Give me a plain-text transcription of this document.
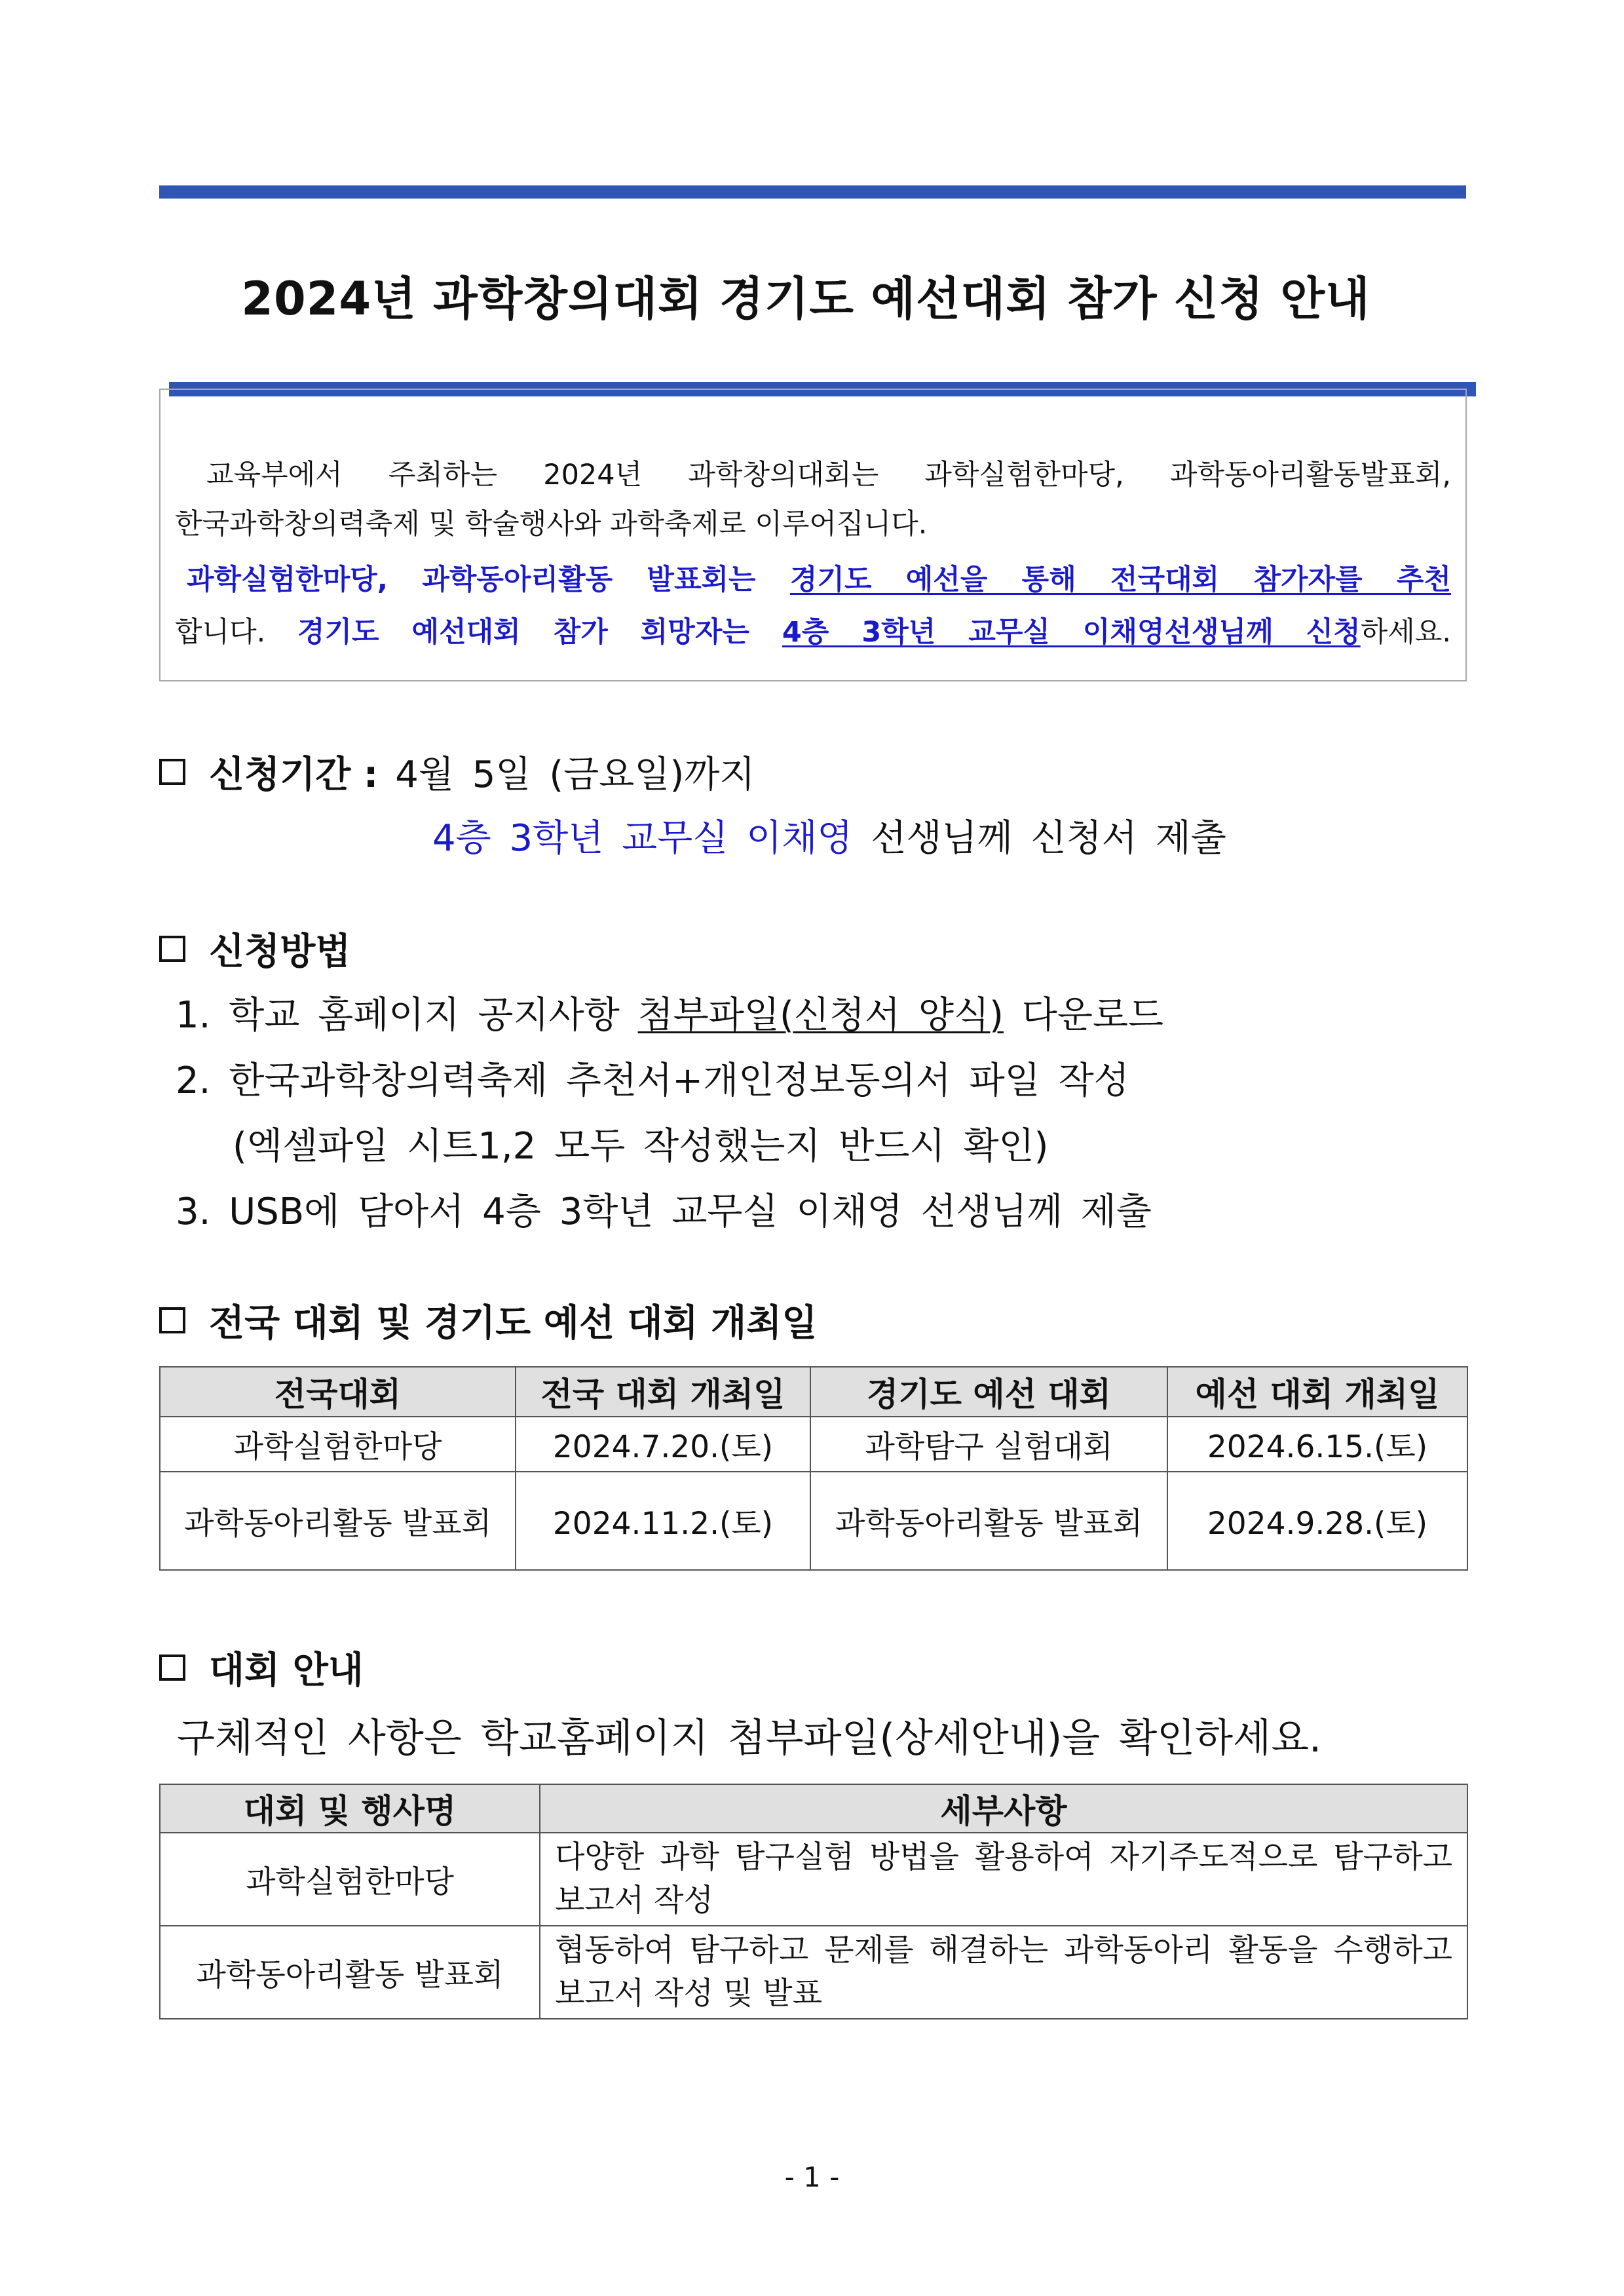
2024년 과학창의대회 경기도 예선대회 참가 신청 안내
교육부에서 주최하는 2024년 과학창의대회는 과학실험한마당, 과학동아리활동발표회,
한국과학창의력축제 및 학술행사와 과학축제로 이루어집니다.
과학실험한마당, 과학동아리활동 발표회는 경기도 예선을 통해 전국대회 참가자를 추천
합니다. 경기도 예선대회 참가 희망자는 4층 3학년 교무실 이채영선생님께 신청하세요.
신청기간 : 4월 5일 (금요일)까지
4층 3학년 교무실 이채영 선생님께 신청서 제출
신청방법
1. 학교 홈페이지 공지사항 첨부파일(신청서 양식) 다운로드
2. 한국과학창의력축제 추천서+개인정보동의서 파일 작성
(엑셀파일 시트1,2 모두 작성했는지 반드시 확인)
3. USB에 담아서 4층 3학년 교무실 이채영 선생님께 제출
전국 대회 및 경기도 예선 대회 개최일
전국대회	전국 대회 개최일	경기도 예선 대회	예선 대회 개최일
과학실험한마당	2024.7.20.(토)	과학탐구 실험대회	2024.6.15.(토)
과학동아리활동 발표회	2024.11.2.(토)	과학동아리활동 발표회	2024.9.28.(토)
대회 안내
구체적인 사항은 학교홈페이지 첨부파일(상세안내)을 확인하세요.
대회 및 행사명	세부사항
과학실험한마당	다양한 과학 탐구실험 방법을 활용하여 자기주도적으로 탐구하고 보고서 작성
과학동아리활동 발표회	협동하여 탐구하고 문제를 해결하는 과학동아리 활동을 수행하고 보고서 작성 및 발표
- 1 -
